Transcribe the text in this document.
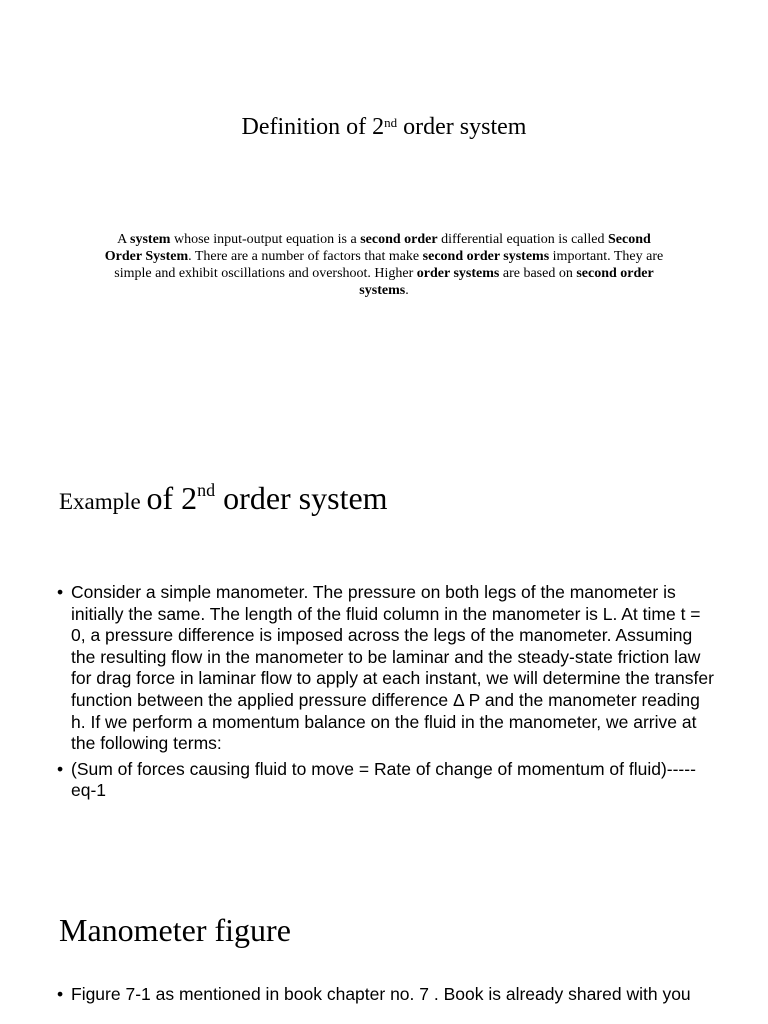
Definition of 2nd order system
A system whose input-output equation is a second order differential equation is called Second Order System. There are a number of factors that make second order systems important. They are simple and exhibit oscillations and overshoot. Higher order systems are based on second order systems.
Example of 2nd order system
• Consider a simple manometer. The pressure on both legs of the manometer is initially the same. The length of the fluid column in the manometer is L. At time t = 0, a pressure difference is imposed across the legs of the manometer. Assuming the resulting flow in the manometer to be laminar and the steady-state friction law for drag force in laminar flow to apply at each instant, we will determine the transfer function between the applied pressure difference Δ P and the manometer reading h. If we perform a momentum balance on the fluid in the manometer, we arrive at the following terms:
• (Sum of forces causing fluid to move = Rate of change of momentum of fluid)-----eq-1
Manometer figure
• Figure 7-1 as mentioned in book chapter no. 7 . Book is already shared with you
